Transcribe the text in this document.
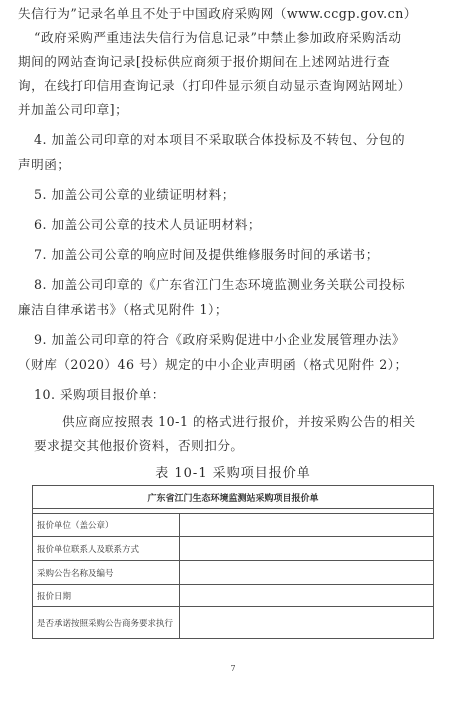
失信行为”记录名单且不处于中国政府采购网（www.ccgp.gov.cn）
“政府采购严重违法失信行为信息记录”中禁止参加政府采购活动
期间的网站查询记录[投标供应商须于报价期间在上述网站进行查
询，在线打印信用查询记录（打印件显示须自动显示查询网站网址）
并加盖公司印章]；
4. 加盖公司印章的对本项目不采取联合体投标及不转包、分包的
声明函；
5. 加盖公司公章的业绩证明材料；
6. 加盖公司公章的技术人员证明材料；
7. 加盖公司公章的响应时间及提供维修服务时间的承诺书；
8. 加盖公司印章的《广东省江门生态环境监测业务关联公司投标
廉洁自律承诺书》（格式见附件 1）；
9. 加盖公司印章的符合《政府采购促进中小企业发展管理办法》
（财库（2020）46 号）规定的中小企业声明函（格式见附件 2）；
10. 采购项目报价单：
供应商应按照表 10-1 的格式进行报价，并按采购公告的相关
要求提交其他报价资料，否则扣分。
表 10-1 采购项目报价单
广东省江门生态环境监测站采购项目报价单	

报价单位（盖公章）	
报价单位联系人及联系方式	
采购公告名称及编号	
报价日期	
是否承诺按照采购公告商务要求执行	
7
